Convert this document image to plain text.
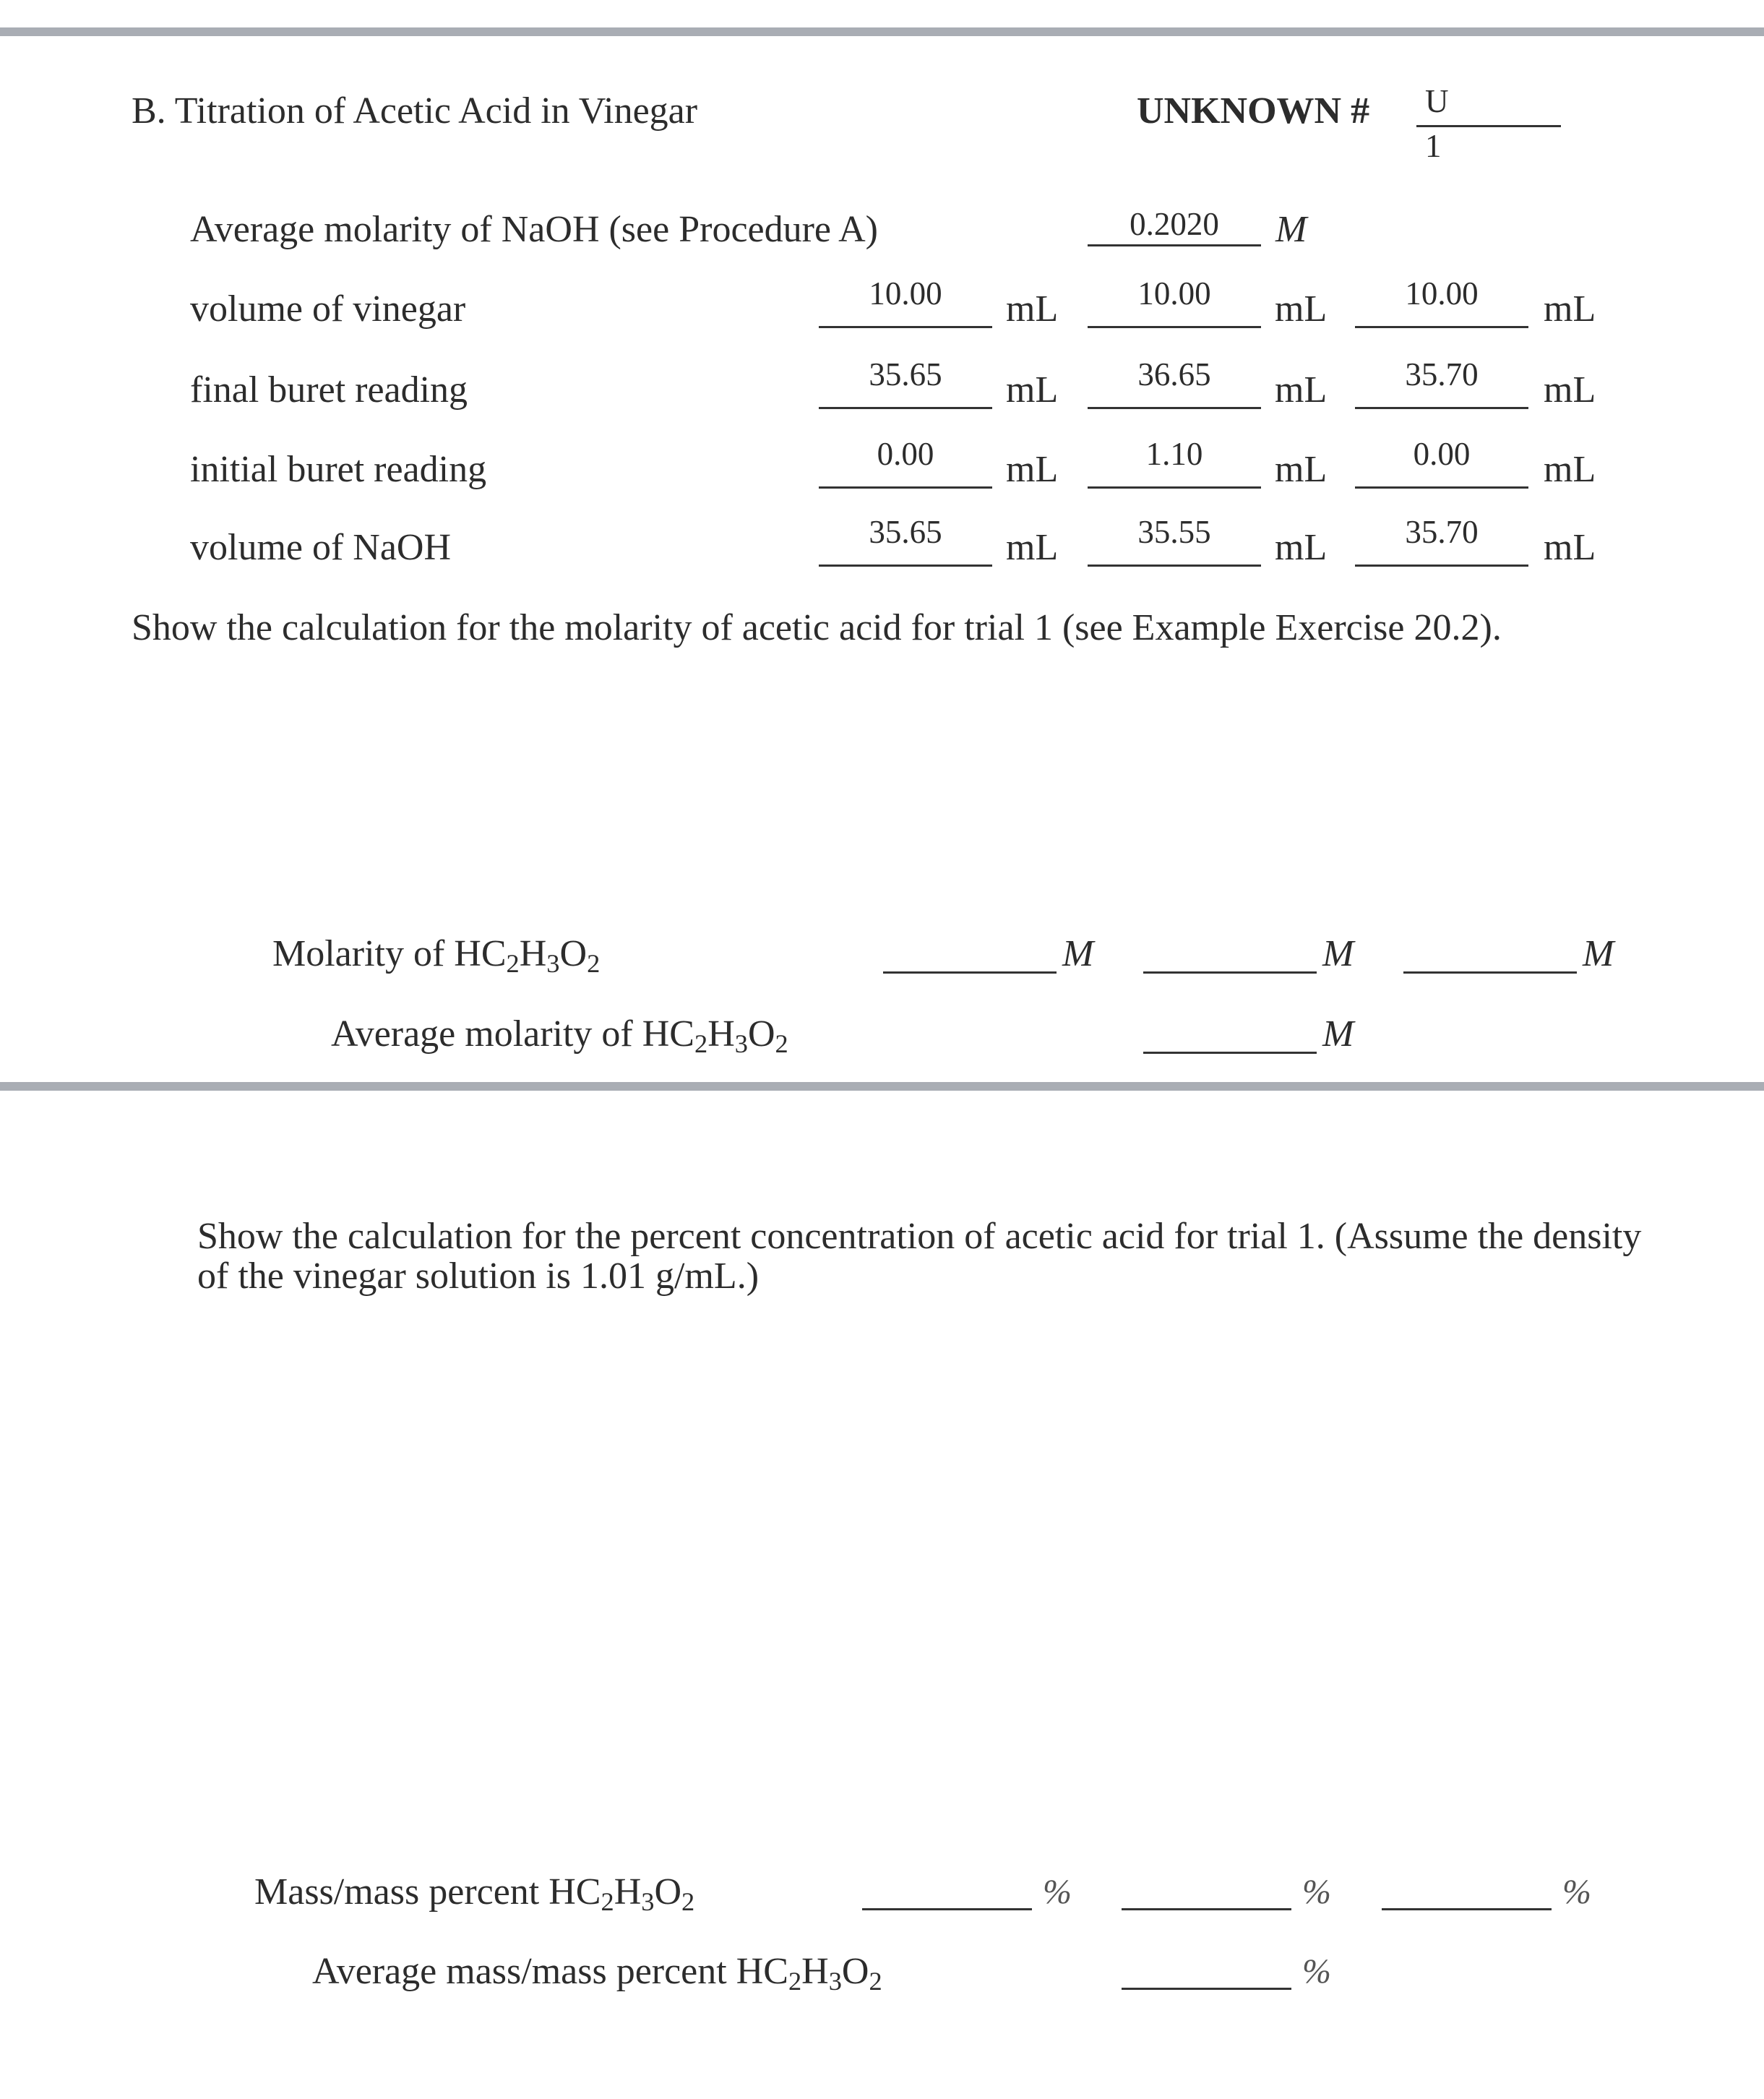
B. Titration of Acetic Acid in Vinegar	UNKNOWN # U
1
Average molarity of NaOH (see Procedure A)	0.2020	M
volume of vinegar	10.00	mL	10.00	mL	10.00	mL
final buret reading	35.65	mL	36.65	mL	35.70	mL
initial buret reading	0.00	mL	1.10	mL	0.00	mL
volume of NaOH	35.65	mL	35.55	mL	35.70	mL
Show the calculation for the molarity of acetic acid for trial 1 (see Example Exercise 20.2).
Molarity of $HC_2H_3O_2$	M	M	M
Average molarity of $HC_2H_3O_2$	M
Show the calculation for the percent concentration of acetic acid for trial 1. (Assume the density
of the vinegar solution is 1.01 g/mL.)
Mass/mass percent $HC_2H_3O_2$	%	%	%
Average mass/mass percent $HC_2H_3O_2$	%
